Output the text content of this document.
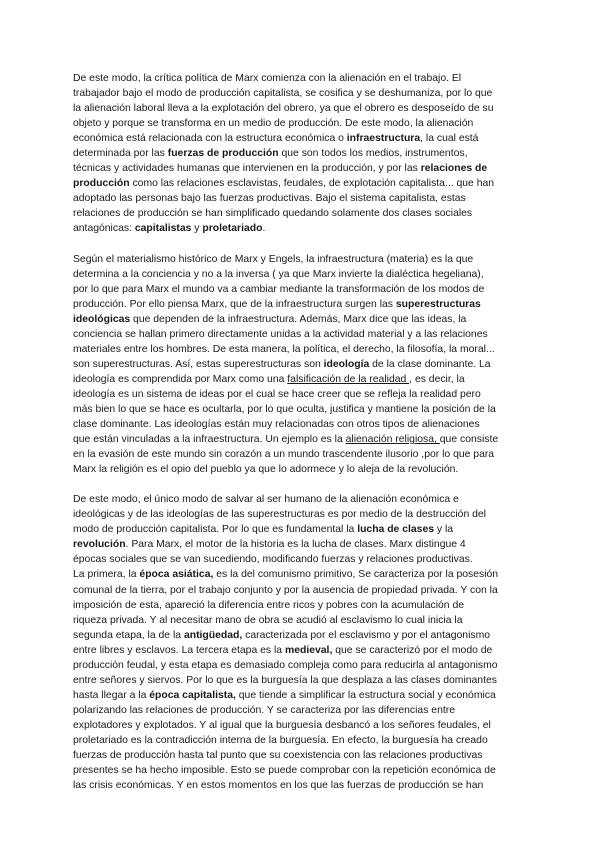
De este modo, la crítica política de Marx comienza con la alienación en el trabajo. El
trabajador bajo el modo de producción capitalista, se cosifica y se deshumaniza, por lo que
la alienación laboral lleva a la explotación del obrero, ya que el obrero es desposeído de su
objeto y porque se transforma en un medio de producción. De este modo, la alienación
económica está relacionada con la estructura económica o infraestructura, la cual está
determinada por las fuerzas de producción que son todos los medios, instrumentos,
técnicas y actividades humanas que intervienen en la producción, y por las relaciones de
producción como las relaciones esclavistas, feudales, de explotación capitalista... que han
adoptado las personas bajo las fuerzas productivas. Bajo el sistema capitalista, estas
relaciones de producción se han simplificado quedando solamente dos clases sociales
antagónicas: capitalistas y proletariado.
Según el materialismo histórico de Marx y Engels, la infraestructura (materia) es la que
determina a la conciencia y no a la inversa ( ya que Marx invierte la dialéctica hegeliana),
por lo que para Marx el mundo va a cambiar mediante la transformación de los modos de
producción. Por ello piensa Marx, que de la infraestructura surgen las superestructuras
ideológicas que dependen de la infraestructura. Además, Marx dice que las ideas, la
conciencia se hallan primero directamente unidas a la actividad material y a las relaciones
materiales entre los hombres. De esta manera, la política, el derecho, la filosofía, la moral...
son superestructuras. Así, estas superestructuras son ideología de la clase dominante. La
ideología es comprendida por Marx como una falsificación de la realidad , es decir, la
ideología es un sistema de ideas por el cual se hace creer que se refleja la realidad pero
más bien lo que se hace es ocultarla, por lo que oculta, justifica y mantiene la posición de la
clase dominante. Las ideologías están muy relacionadas con otros tipos de alienaciones
que están vinculadas a la infraestructura. Un ejemplo es la alienación religiosa, que consiste
en la evasión de este mundo sin corazón a un mundo trascendente ilusorio ,por lo que para
Marx la religión es el opio del pueblo ya que lo adormece y lo aleja de la revolución.
De este modo, el único modo de salvar al ser humano de la alienación económica e
ideológicas y de las ideologías de las superestructuras es por medio de la destrucción del
modo de producción capitalista. Por lo que es fundamental la lucha de clases y la
revolución. Para Marx, el motor de la historia es la lucha de clases. Marx distingue 4
épocas sociales que se van sucediendo, modificando fuerzas y relaciones productivas.
La primera, la época asiática, es la del comunismo primitivo, Se caracteriza por la posesión
comunal de la tierra, por el trabajo conjunto y por la ausencia de propiedad privada. Y con la
imposición de esta, apareció la diferencia entre ricos y pobres con la acumulación de
riqueza privada. Y al necesitar mano de obra se acudió al esclavismo lo cual inicia la
segunda etapa, la de la antigüedad, caracterizada por el esclavismo y por el antagonismo
entre libres y esclavos. La tercera etapa es la medieval, que se caracterizó por el modo de
producción feudal, y esta etapa es demasiado compleja como para reducirla al antagonismo
entre señores y siervos. Por lo que es la burguesía la que desplaza a las clases dominantes
hasta llegar a la época capitalista, que tiende a simplificar la estructura social y económica
polarizando las relaciones de producción. Y se caracteriza por las diferencias entre
explotadores y explotados. Y al igual que la burguesía desbancó a los señores feudales, el
proletariado es la contradicción interna de la burguesía. En efecto, la burguesía ha creado
fuerzas de producción hasta tal punto que su coexistencia con las relaciones productivas
presentes se ha hecho imposible. Esto se puede comprobar con la repetición económica de
las crisis económicas. Y en estos momentos en los que las fuerzas de producción se han
